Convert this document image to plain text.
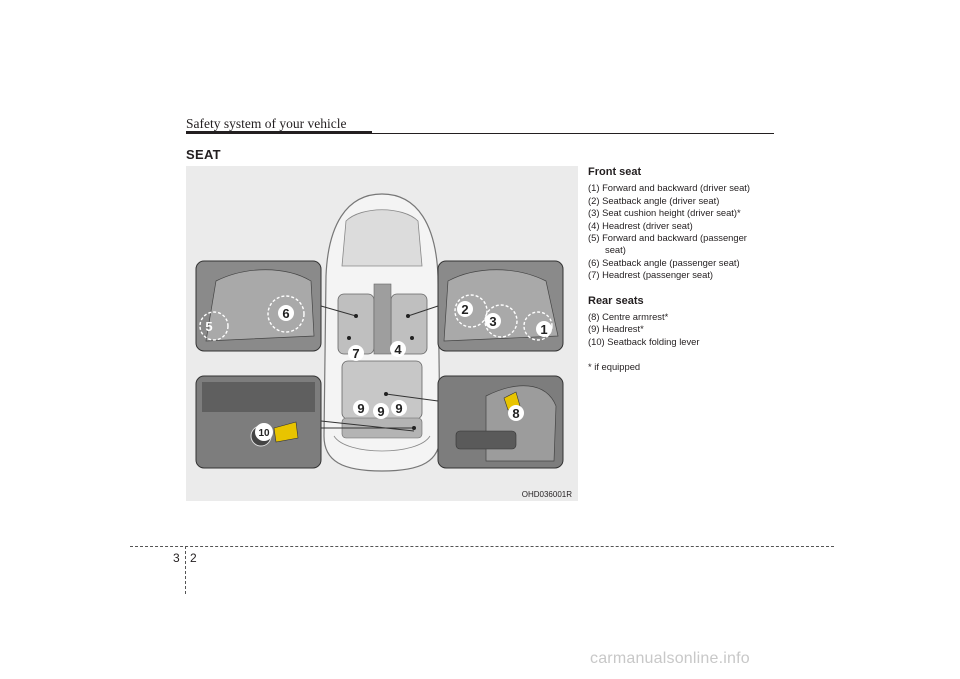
Safety system of your vehicle
SEAT
5
6	2
3
1
7	4
9 9 9	8
10
OHD036001R

Front seat

(1) Forward and backward (driver seat)

(2) Seatback angle (driver seat)

(3) Seat cushion height (driver seat)*

(4) Headrest (driver seat)

(5) Forward and backward (passenger
seat)

(6) Seatback angle (passenger seat)

(7) Headrest (passenger seat)

Rear seats

(8) Centre armrest*

(9) Headrest*

(10) Seatback folding lever

* if equipped

3 2
carmanualsonline.info
